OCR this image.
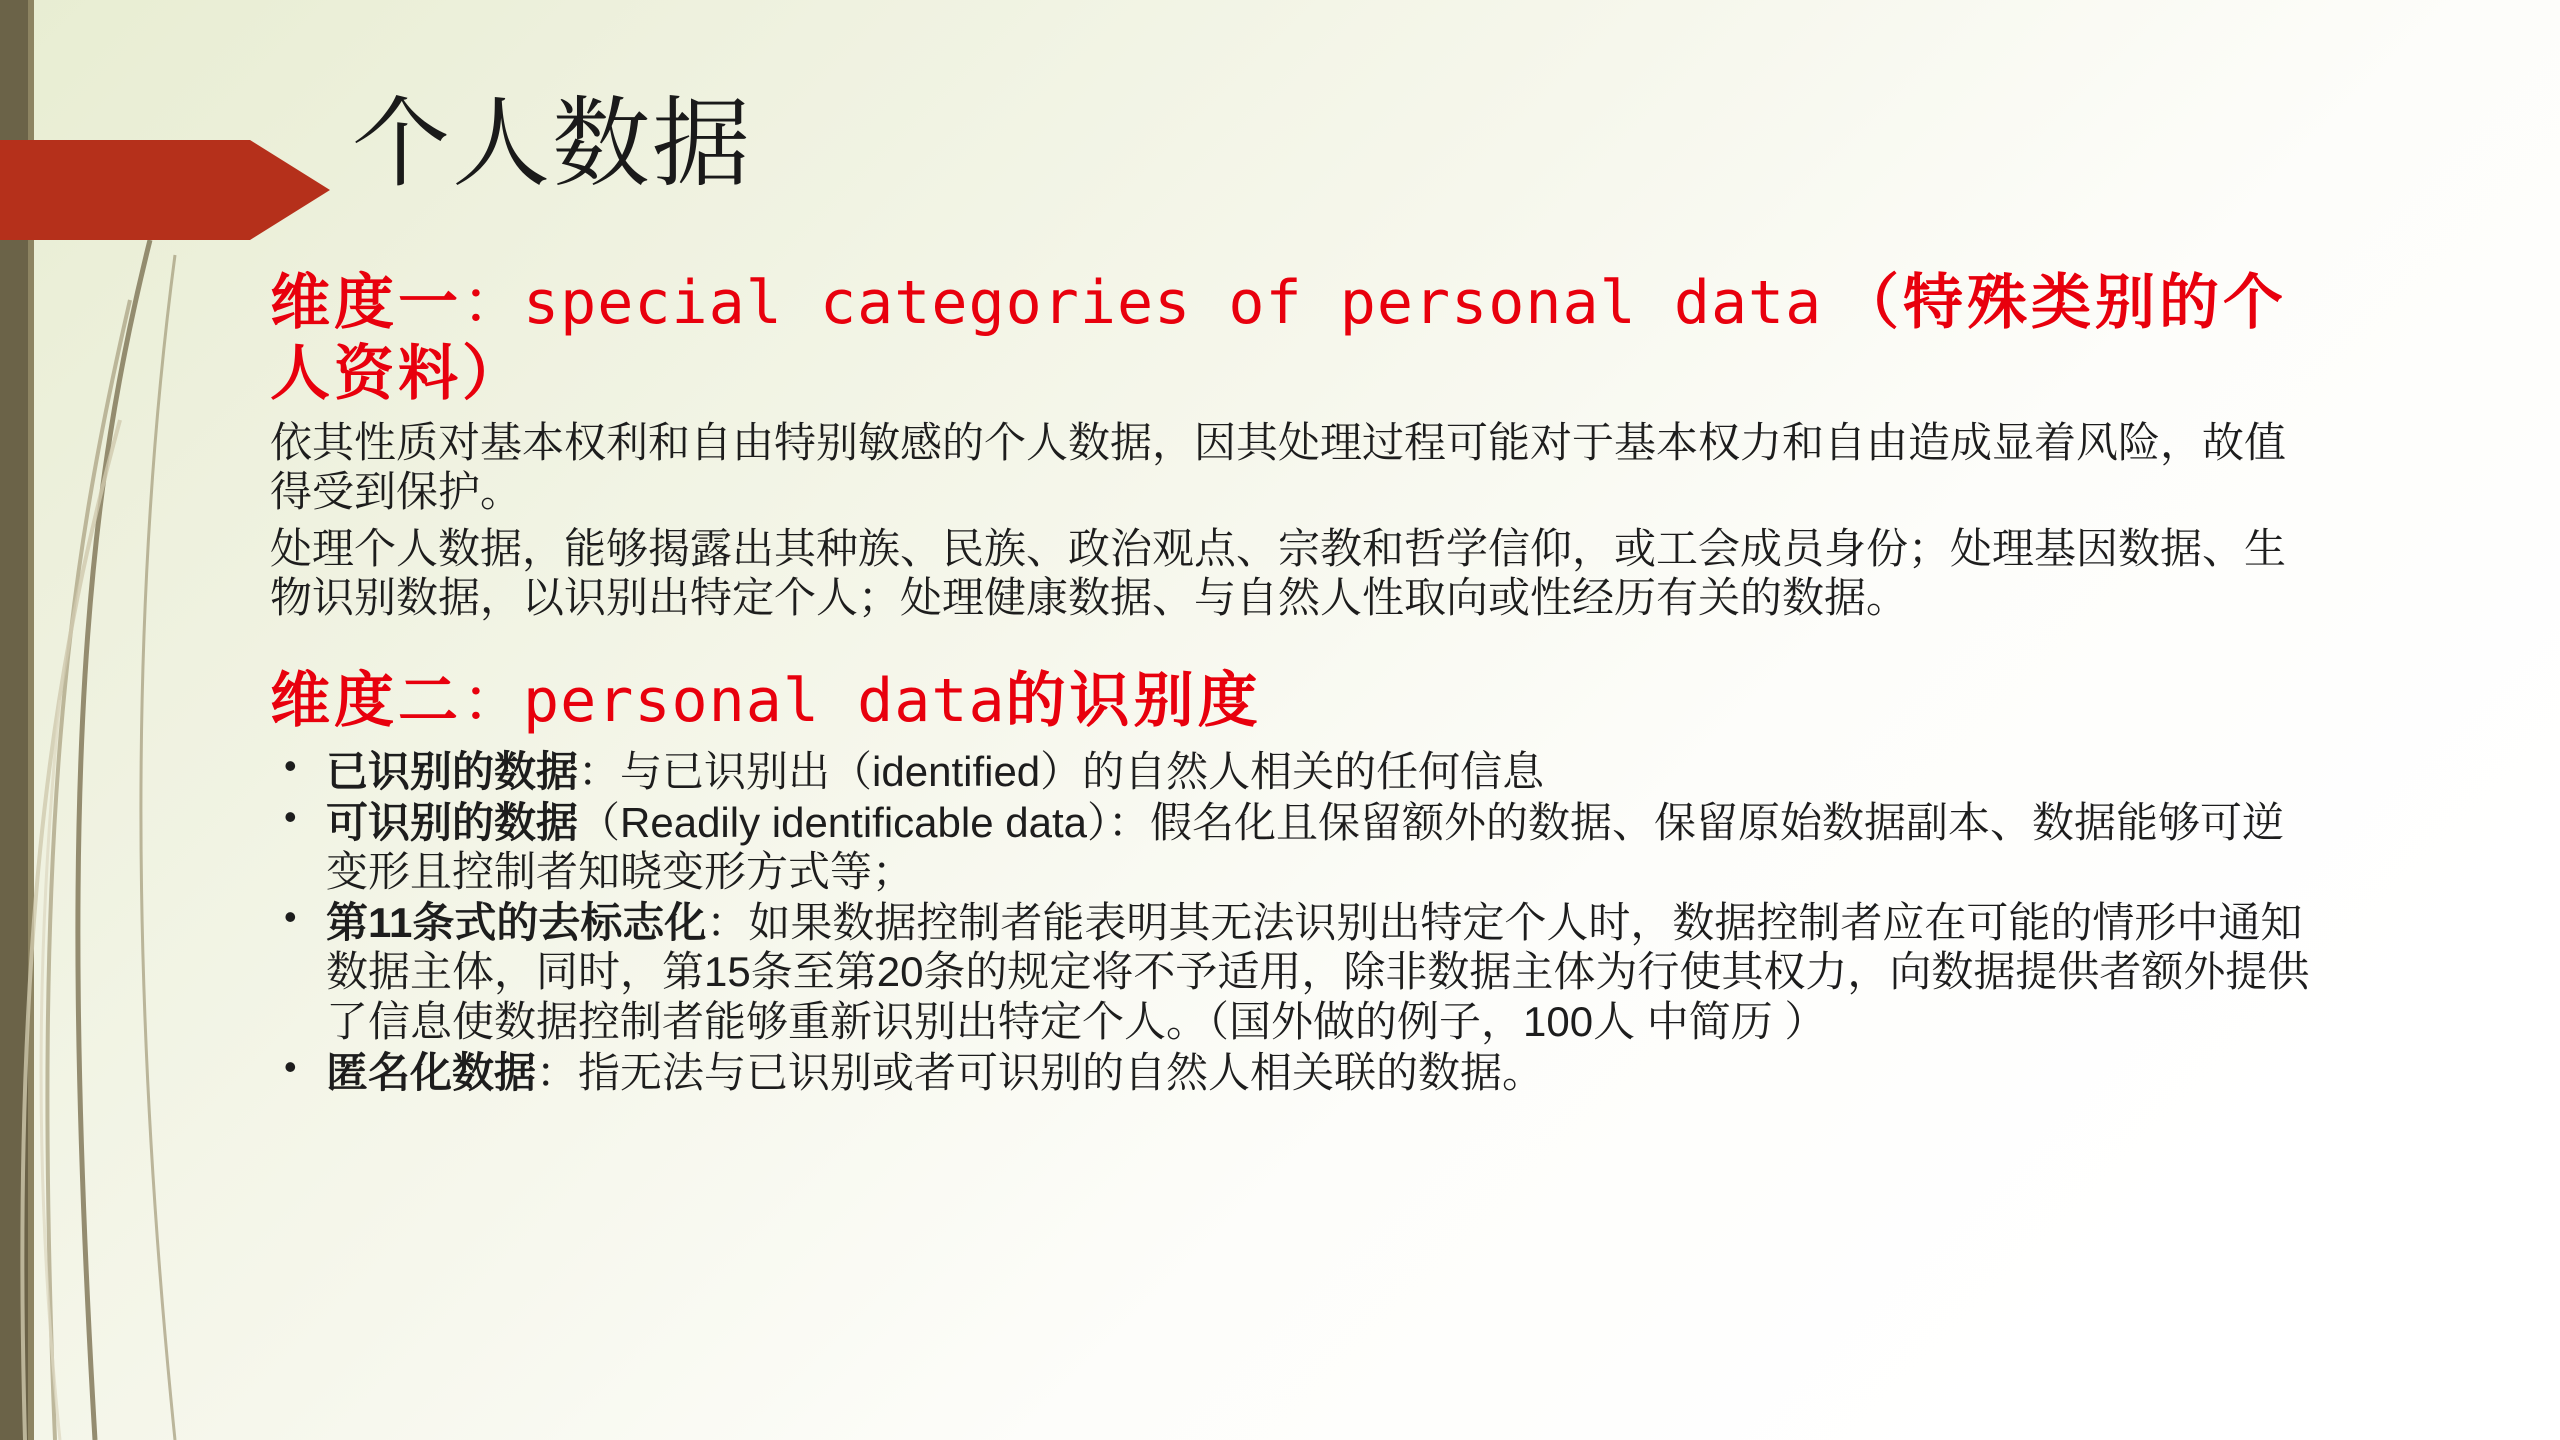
个人数据
维度一：special categories of personal data （特殊类别的个人资料）

依其性质对基本权利和自由特别敏感的个人数据，因其处理过程可能对于基本权力和自由造成显着风险，故值得受到保护。

处理个人数据，能够揭露出其种族、民族、政治观点、宗教和哲学信仰，或工会成员身份；处理基因数据、生物识别数据，以识别出特定个人；处理健康数据、与自然人性取向或性经历有关的数据。

维度二：personal data的识别度
• 已识别的数据：与已识别出（identified）的自然人相关的任何信息
• 可识别的数据（Readily identificable data）：假名化且保留额外的数据、保留原始数据副本、数据能够可逆变形且控制者知晓变形方式等；
• 第11条式的去标志化：如果数据控制者能表明其无法识别出特定个人时，数据控制者应在可能的情形中通知数据主体，同时，第15条至第20条的规定将不予适用，除非数据主体为行使其权力，向数据提供者额外提供了信息使数据控制者能够重新识别出特定个人。（国外做的例子，100人 中简历 ）
• 匿名化数据：指无法与已识别或者可识别的自然人相关联的数据。
